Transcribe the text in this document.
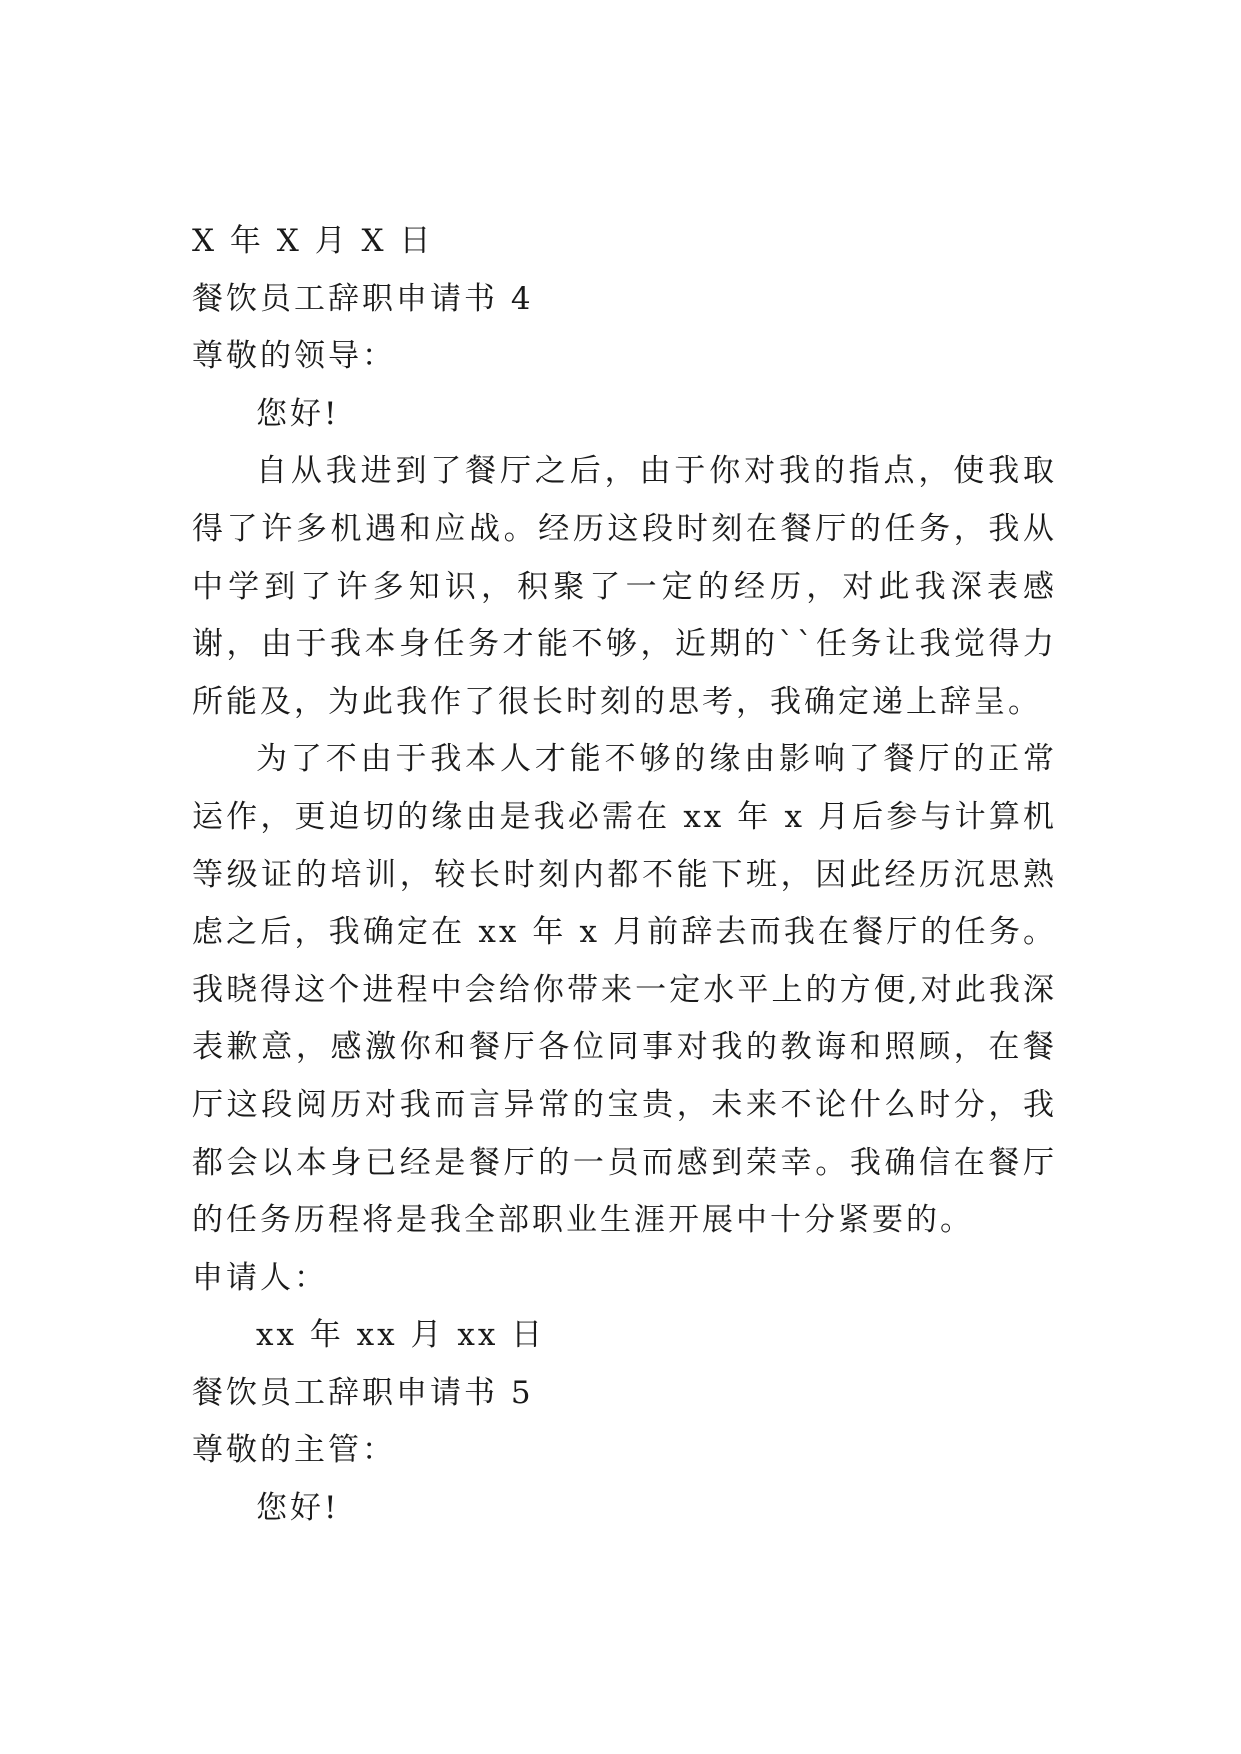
X 年 X 月 X 日

餐饮员工辞职申请书 4

尊敬的领导：

您好!

自从我进到了餐厅之后，由于你对我的指点，使我取得了许多机遇和应战。经历这段时刻在餐厅的任务，我从中学到了许多知识，积聚了一定的经历，对此我深表感谢，由于我本身任务才能不够，近期的``任务让我觉得力所能及，为此我作了很长时刻的思考，我确定递上辞呈。

为了不由于我本人才能不够的缘由影响了餐厅的正常运作，更迫切的缘由是我必需在 xx 年 x 月后参与计算机等级证的培训，较长时刻内都不能下班，因此经历沉思熟虑之后，我确定在 xx 年 x 月前辞去而我在餐厅的任务。我晓得这个进程中会给你带来一定水平上的方便,对此我深表歉意，感激你和餐厅各位同事对我的教诲和照顾，在餐厅这段阅历对我而言异常的宝贵，未来不论什么时分，我都会以本身已经是餐厅的一员而感到荣幸。我确信在餐厅的任务历程将是我全部职业生涯开展中十分紧要的。

申请人：

xx 年 xx 月 xx 日

餐饮员工辞职申请书 5

尊敬的主管：

您好!
